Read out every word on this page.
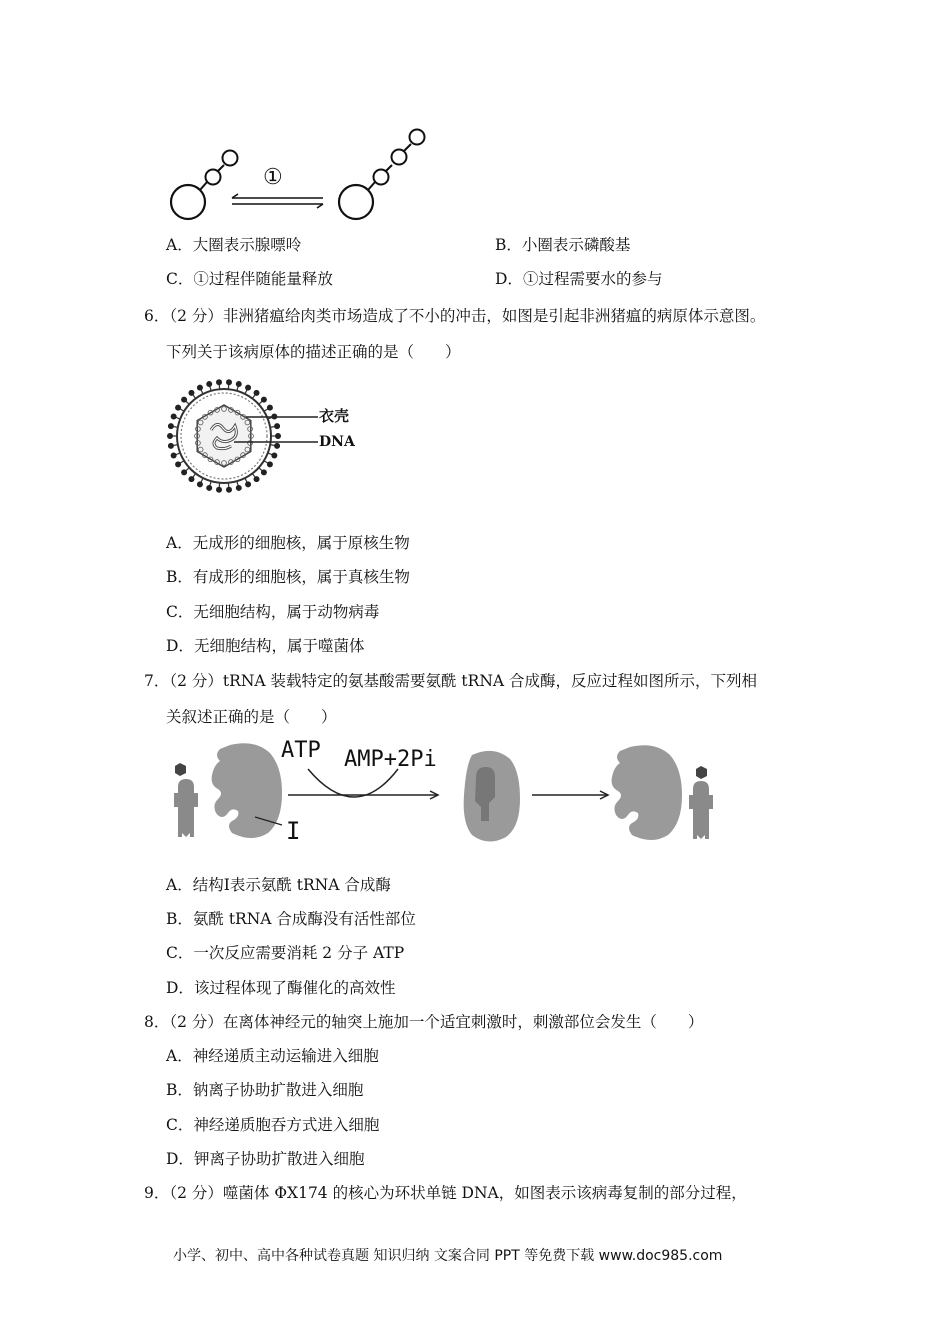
①
A．大圈表示腺嘌呤	B．小圈表示磷酸基
C．①过程伴随能量释放	D．①过程需要水的参与
6．（2 分）非洲猪瘟给肉类市场造成了不小的冲击，如图是引起非洲猪瘟的病原体示意图。
下列关于该病原体的描述正确的是（　　）
衣壳
DNA
A．无成形的细胞核，属于原核生物
B．有成形的细胞核，属于真核生物
C．无细胞结构，属于动物病毒
D．无细胞结构，属于噬菌体
7．（2 分）tRNA 装载特定的氨基酸需要氨酰 tRNA 合成酶，反应过程如图所示，下列相
关叙述正确的是（　　）
ATP AMP+2Pi
I
A．结构Ⅰ表示氨酰 tRNA 合成酶
B．氨酰 tRNA 合成酶没有活性部位
C．一次反应需要消耗 2 分子 ATP
D．该过程体现了酶催化的高效性
8．（2 分）在离体神经元的轴突上施加一个适宜刺激时，刺激部位会发生（　　）
A．神经递质主动运输进入细胞
B．钠离子协助扩散进入细胞
C．神经递质胞吞方式进入细胞
D．钾离子协助扩散进入细胞
9．（2 分）噬菌体 ΦX174 的核心为环状单链 DNA，如图表示该病毒复制的部分过程，
小学、初中、高中各种试卷真题 知识归纳 文案合同 PPT 等免费下载 www.doc985.com
